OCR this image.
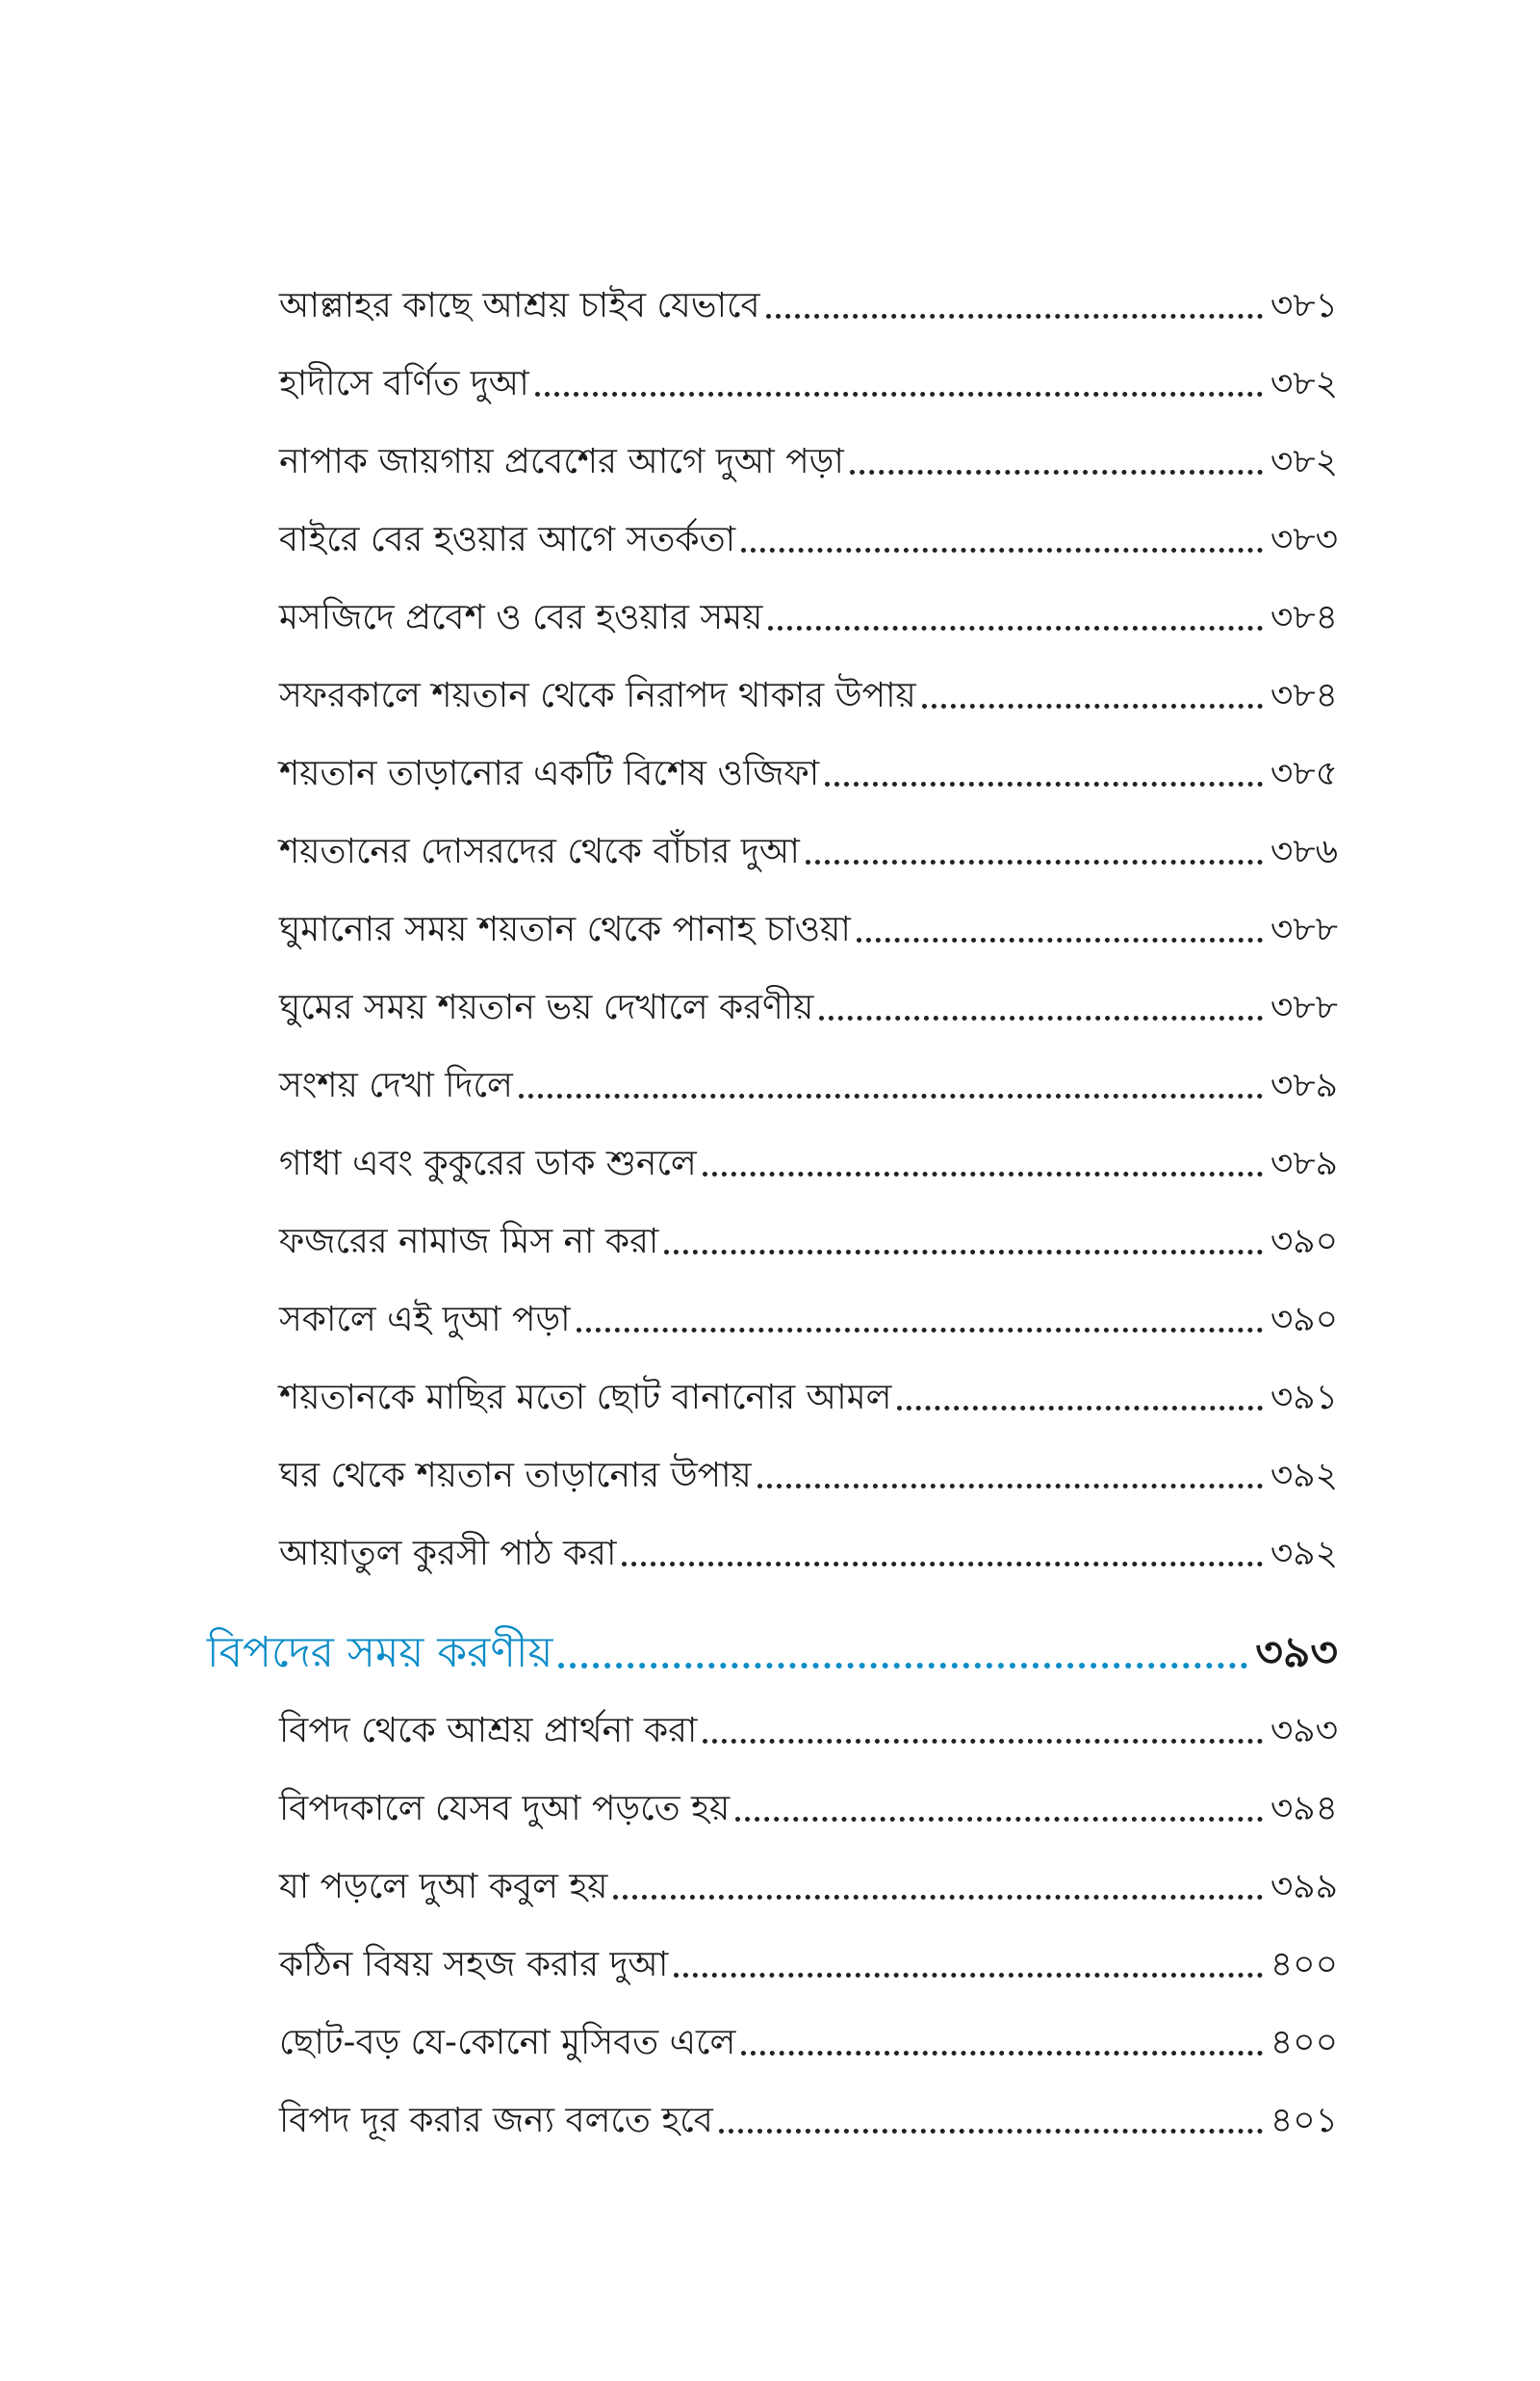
আল্লাহর কাছে আশ্রয় চাইব যেভাবে	৩৮১
হাদীসে বর্ণিত দুআ	৩৮২
নাপাক জায়গায় প্রবেশের আগে দুআ পড়া	৩৮২
বাইরে বের হওয়ার আগে সতর্কতা	৩৮৩
মসজিদে প্রবেশ ও বের হওয়ার সময়	৩৮৪
সফরকালে শয়তান থেকে নিরাপদ থাকার উপায়	৩৮৪
শয়তান তাড়ানোর একটি বিশেষ ওজিফা	৩৮৫
শয়তানের দোসরদের থেকে বাঁচার দুআ	৩৮৬
ঘুমানোর সময় শয়তান থেকে পানাহ চাওয়া	৩৮৮
ঘুমের সময় শয়তান ভয় দেখালে করণীয়	৩৮৮
সংশয় দেখা দিলে	৩৮৯
গাধা এবং কুকুরের ডাক শুনলে	৩৮৯
ফজরের নামাজ মিস না করা	৩৯০
সকালে এই দুআ পড়া	৩৯০
শয়তানকে মাছির মতো ছোট বানানোর আমল	৩৯১
ঘর থেকে শয়তান তাড়ানোর উপায়	৩৯২
আয়াতুল কুরসী পাঠ করা	৩৯২
বিপদের সময় করণীয়	৩৯৩
বিপদ থেকে আশ্রয় প্রার্থনা করা	৩৯৩
বিপদকালে যেসব দুআ পড়তে হয়	৩৯৪
যা পড়লে দুআ কবুল হয়	৩৯৯
কঠিন বিষয় সহজ করার দুআ	৪০০
ছোট-বড় যে-কোনো মুসিবত এলে	৪০০
বিপদ দূর করার জন্য বলতে হবে	৪০১
